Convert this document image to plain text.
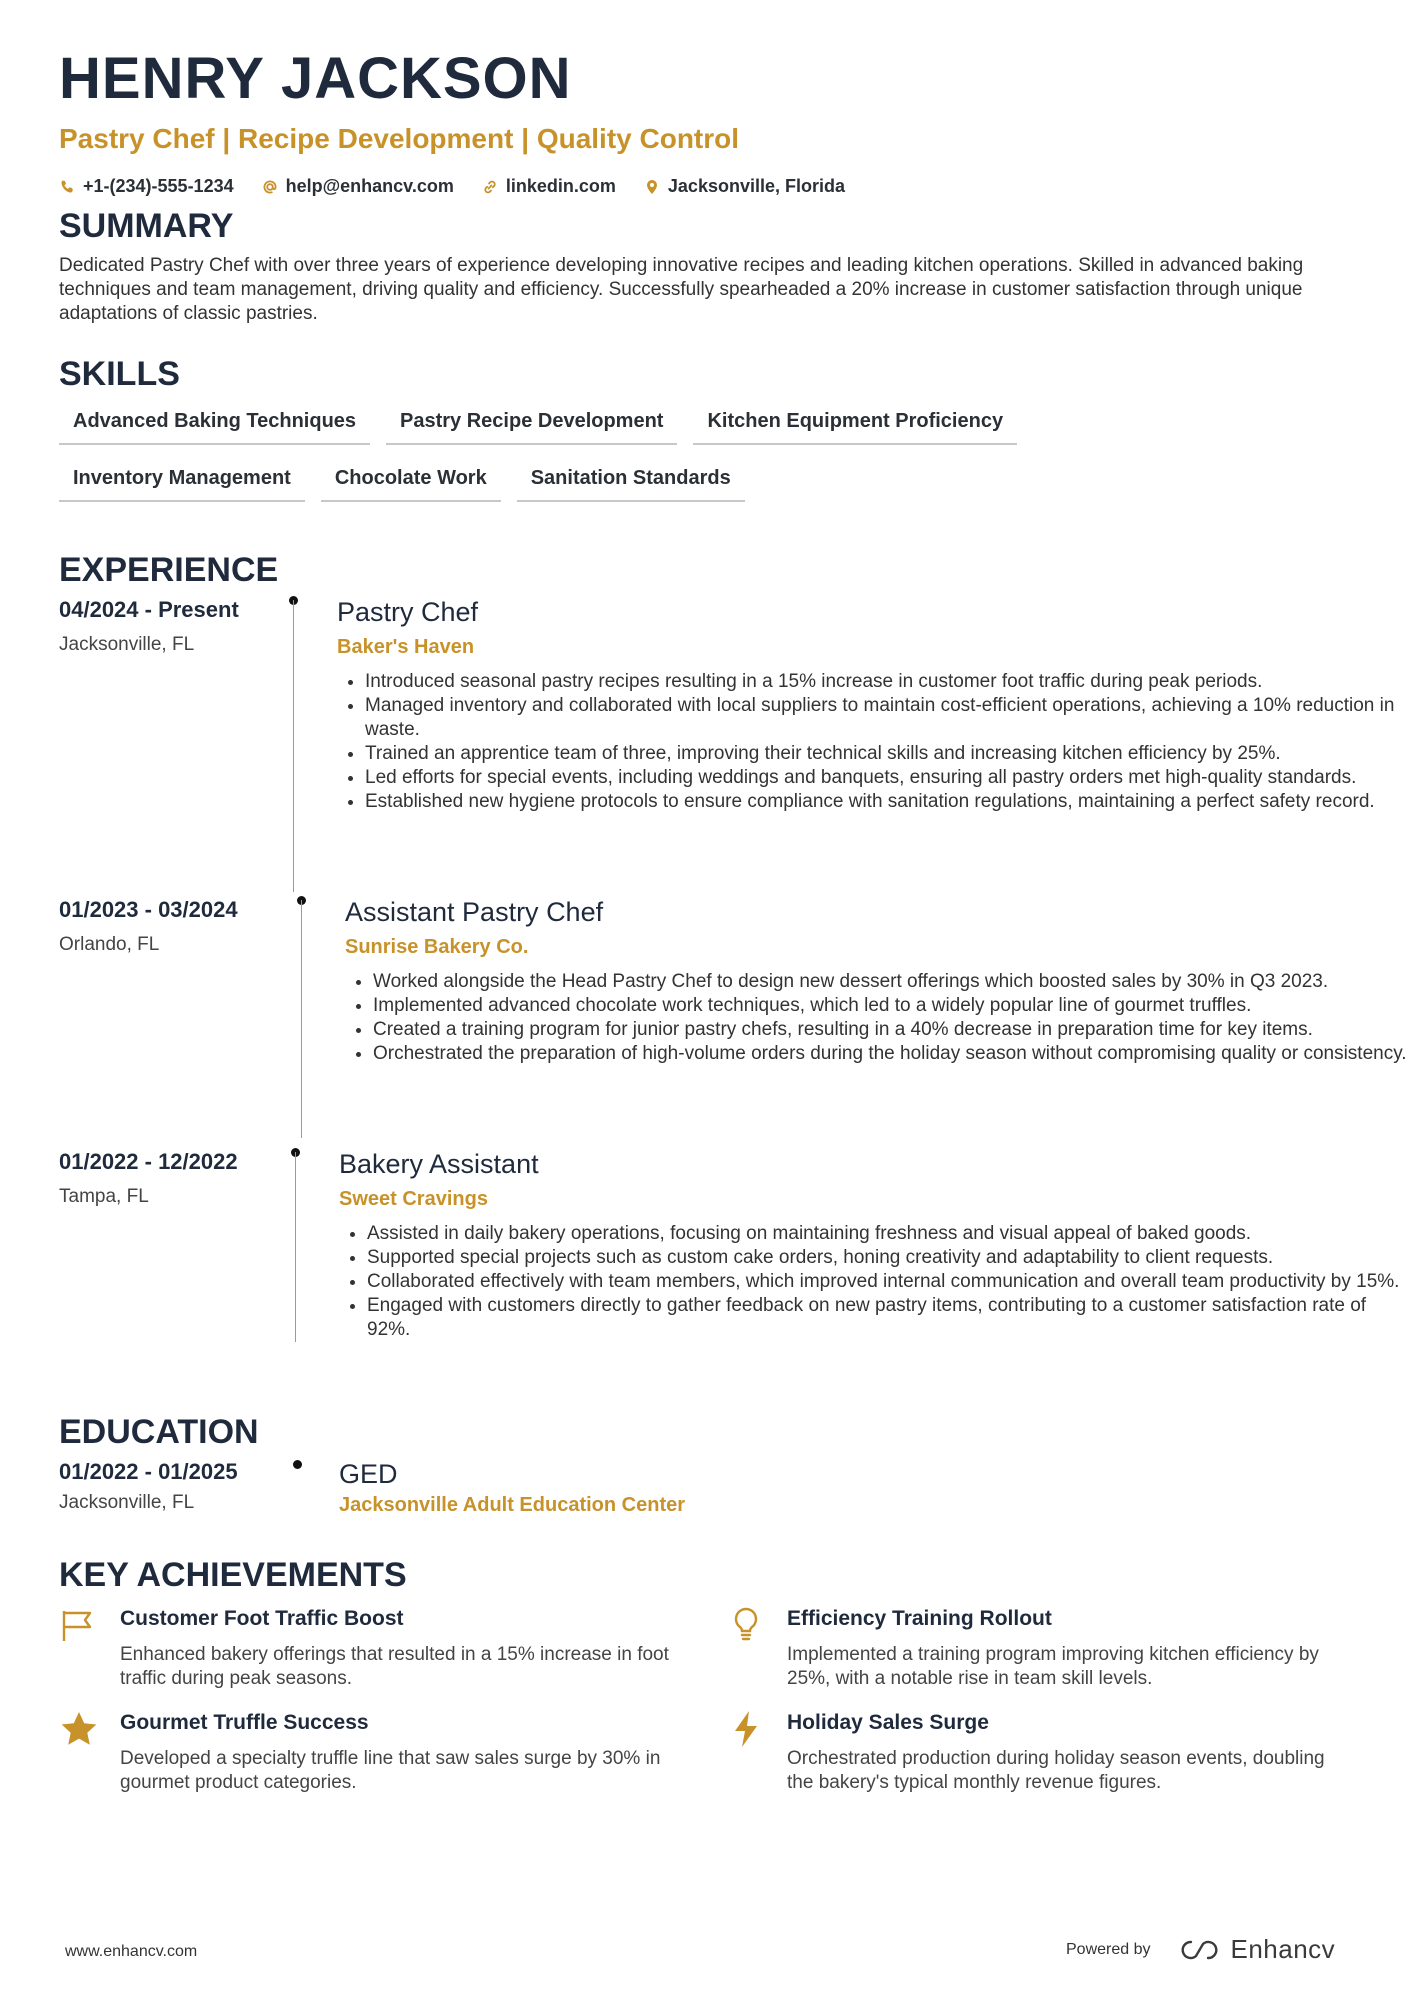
HENRY JACKSON
Pastry Chef | Recipe Development | Quality Control
+1-(234)-555-1234	help@enhancv.com	linkedin.com	Jacksonville, Florida
SUMMARY
Dedicated Pastry Chef with over three years of experience developing innovative recipes and leading kitchen operations. Skilled in advanced baking techniques and team management, driving quality and efficiency. Successfully spearheaded a 20% increase in customer satisfaction through unique adaptations of classic pastries.
SKILLS
Advanced Baking Techniques	Pastry Recipe Development	Kitchen Equipment Proficiency
Inventory Management	Chocolate Work	Sanitation Standards
EXPERIENCE
04/2024 - Present
Jacksonville, FL
Pastry Chef
Baker's Haven
• Introduced seasonal pastry recipes resulting in a 15% increase in customer foot traffic during peak periods.
• Managed inventory and collaborated with local suppliers to maintain cost-efficient operations, achieving a 10% reduction in waste.
• Trained an apprentice team of three, improving their technical skills and increasing kitchen efficiency by 25%.
• Led efforts for special events, including weddings and banquets, ensuring all pastry orders met high-quality standards.
• Established new hygiene protocols to ensure compliance with sanitation regulations, maintaining a perfect safety record.
01/2023 - 03/2024
Orlando, FL
Assistant Pastry Chef
Sunrise Bakery Co.
• Worked alongside the Head Pastry Chef to design new dessert offerings which boosted sales by 30% in Q3 2023.
• Implemented advanced chocolate work techniques, which led to a widely popular line of gourmet truffles.
• Created a training program for junior pastry chefs, resulting in a 40% decrease in preparation time for key items.
• Orchestrated the preparation of high-volume orders during the holiday season without compromising quality or consistency.
01/2022 - 12/2022
Tampa, FL
Bakery Assistant
Sweet Cravings
• Assisted in daily bakery operations, focusing on maintaining freshness and visual appeal of baked goods.
• Supported special projects such as custom cake orders, honing creativity and adaptability to client requests.
• Collaborated effectively with team members, which improved internal communication and overall team productivity by 15%.
• Engaged with customers directly to gather feedback on new pastry items, contributing to a customer satisfaction rate of 92%.
EDUCATION
01/2022 - 01/2025
Jacksonville, FL
GED
Jacksonville Adult Education Center
KEY ACHIEVEMENTS
Customer Foot Traffic Boost
Enhanced bakery offerings that resulted in a 15% increase in foot traffic during peak seasons.
Efficiency Training Rollout
Implemented a training program improving kitchen efficiency by 25%, with a notable rise in team skill levels.
Gourmet Truffle Success
Developed a specialty truffle line that saw sales surge by 30% in gourmet product categories.
Holiday Sales Surge
Orchestrated production during holiday season events, doubling the bakery's typical monthly revenue figures.
www.enhancv.com	Powered by	Enhancv
